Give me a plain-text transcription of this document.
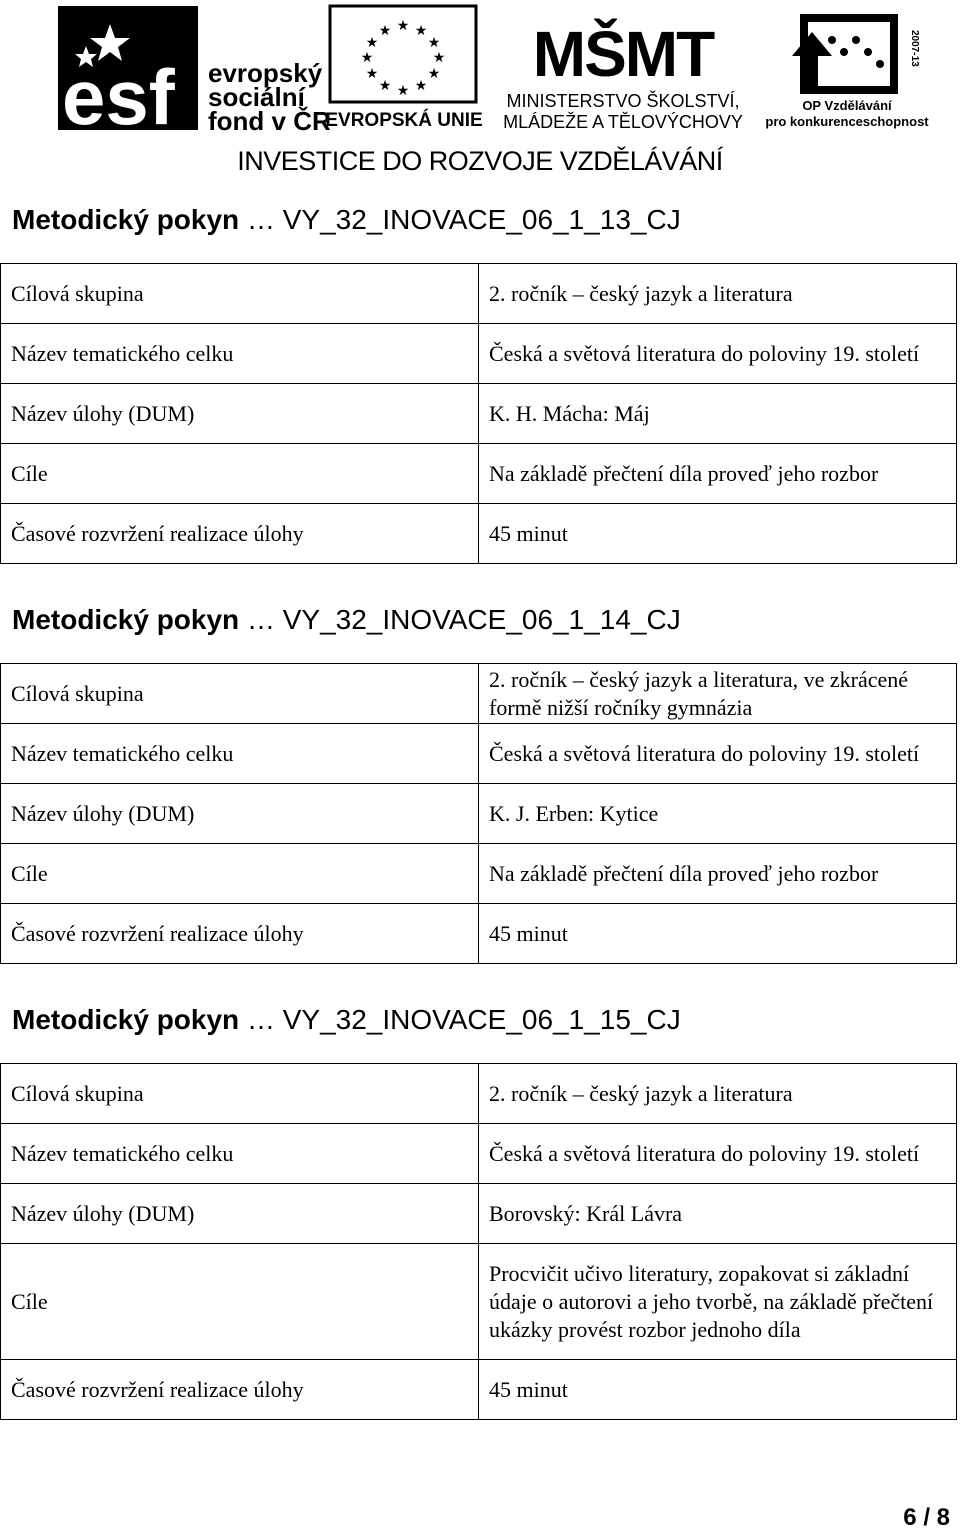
esf evropský
sociální
fond v ČR
★ ★
★
★
★
★
★
★
★
★
★
★
EVROPSKÁ UNIE
MŠMT
MINISTERSTVO ŠKOLSTVÍ,
MLÁDEŽE A TĚLOVÝCHOVY
2007-13
OP Vzdělávání
pro konkurenceschopnost
INVESTICE DO ROZVOJE VZDĚLÁVÁNÍ
Metodický pokyn … VY_32_INOVACE_06_1_13_CJ
Cílová skupina	2. ročník – český jazyk a literatura
Název tematického celku	Česká a světová literatura do poloviny 19. století
Název úlohy (DUM)	K. H. Mácha: Máj
Cíle	Na základě přečtení díla proveď jeho rozbor
Časové rozvržení realizace úlohy	45 minut
Metodický pokyn … VY_32_INOVACE_06_1_14_CJ
Cílová skupina	2. ročník – český jazyk a literatura, ve zkrácené formě nižší ročníky gymnázia
Název tematického celku	Česká a světová literatura do poloviny 19. století
Název úlohy (DUM)	K. J. Erben: Kytice
Cíle	Na základě přečtení díla proveď jeho rozbor
Časové rozvržení realizace úlohy	45 minut
Metodický pokyn … VY_32_INOVACE_06_1_15_CJ
Cílová skupina	2. ročník – český jazyk a literatura
Název tematického celku	Česká a světová literatura do poloviny 19. století
Název úlohy (DUM)	Borovský: Král Lávra
Cíle	Procvičit učivo literatury, zopakovat si základní údaje o autorovi a jeho tvorbě, na základě přečtení ukázky provést rozbor jednoho díla
Časové rozvržení realizace úlohy	45 minut
6 / 8
